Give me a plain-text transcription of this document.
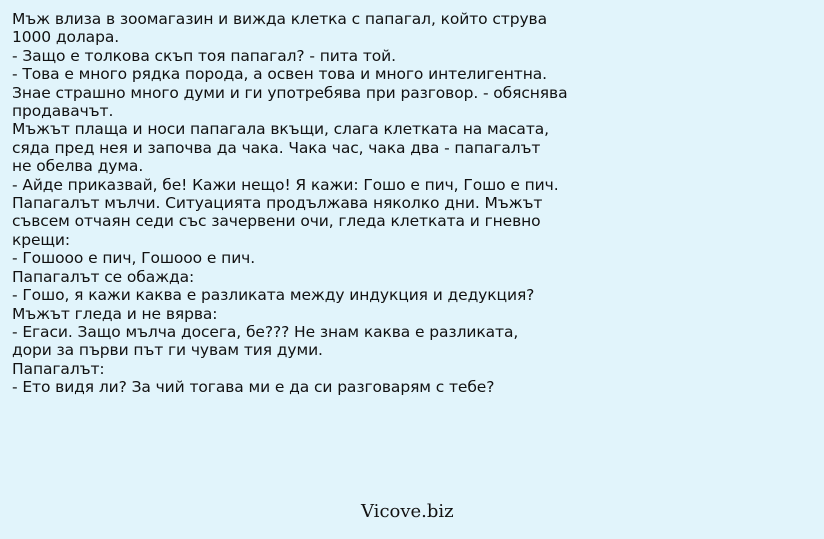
Мъж влиза в зоомагазин и вижда клетка с папагал, който струва
1000 долара.
- Защо е толкова скъп тоя папагал? - пита той.
- Това е много рядка порода, а освен това и много интелигентна.
Знае страшно много думи и ги употребява при разговор. - обяснява
продавачът.
Мъжът плаща и носи папагала вкъщи, слага клетката на масата,
сяда пред нея и започва да чака. Чака час, чака два - папагалът
не обелва дума.
- Айде приказвай, бе! Кажи нещо! Я кажи: Гошо е пич, Гошо е пич.
Папагалът мълчи. Ситуацията продължава няколко дни. Мъжът
съвсем отчаян седи със зачервени очи, гледа клетката и гневно
крещи:
- Гошооо е пич, Гошооо е пич.
Папагалът се обажда:
- Гошо, я кажи каква е разликата между индукция и дедукция?
Мъжът гледа и не вярва:
- Егаси. Защо мълча досега, бе??? Не знам каква е разликата,
дори за първи път ги чувам тия думи.
Папагалът:
- Ето видя ли? За чий тогава ми е да си разговарям с тебе?
Vicove.biz
